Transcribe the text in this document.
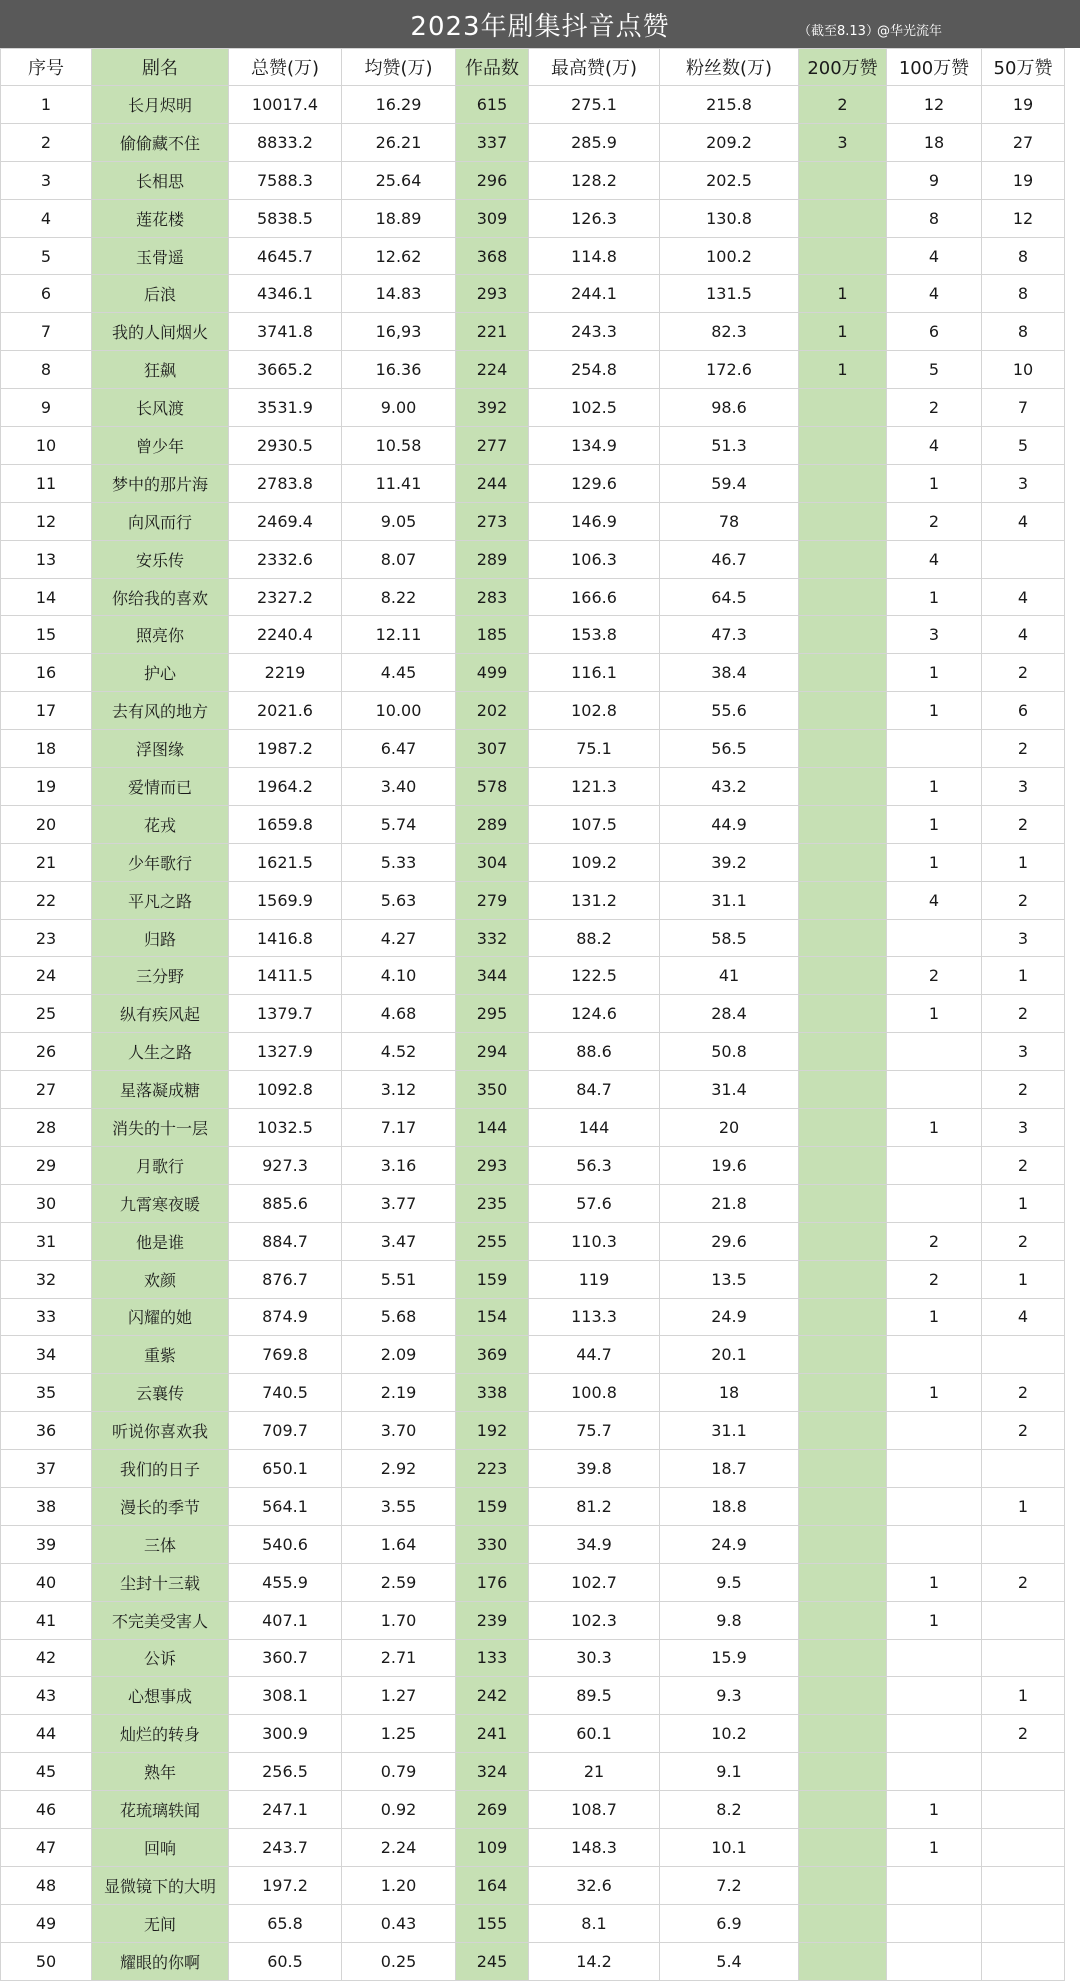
2023年剧集抖音点赞	（截至8.13）
@华光流年
序号	剧名	总赞(万)	均赞(万)	作品数	最高赞(万)	粉丝数(万)	200万赞	100万赞	50万赞
1	长月烬明	10017.4	16.29	615	275.1	215.8	2	12	19
2	偷偷藏不住	8833.2	26.21	337	285.9	209.2	3	18	27
3	长相思	7588.3	25.64	296	128.2	202.5		9	19
4	莲花楼	5838.5	18.89	309	126.3	130.8		8	12
5	玉骨遥	4645.7	12.62	368	114.8	100.2		4	8
6	后浪	4346.1	14.83	293	244.1	131.5	1	4	8
7	我的人间烟火	3741.8	16,93	221	243.3	82.3	1	6	8
8	狂飙	3665.2	16.36	224	254.8	172.6	1	5	10
9	长风渡	3531.9	9.00	392	102.5	98.6		2	7
10	曾少年	2930.5	10.58	277	134.9	51.3		4	5
11	梦中的那片海	2783.8	11.41	244	129.6	59.4		1	3
12	向风而行	2469.4	9.05	273	146.9	78		2	4
13	安乐传	2332.6	8.07	289	106.3	46.7		4	
14	你给我的喜欢	2327.2	8.22	283	166.6	64.5		1	4
15	照亮你	2240.4	12.11	185	153.8	47.3		3	4
16	护心	2219	4.45	499	116.1	38.4		1	2
17	去有风的地方	2021.6	10.00	202	102.8	55.6		1	6
18	浮图缘	1987.2	6.47	307	75.1	56.5			2
19	爱情而已	1964.2	3.40	578	121.3	43.2		1	3
20	花戎	1659.8	5.74	289	107.5	44.9		1	2
21	少年歌行	1621.5	5.33	304	109.2	39.2		1	1
22	平凡之路	1569.9	5.63	279	131.2	31.1		4	2
23	归路	1416.8	4.27	332	88.2	58.5			3
24	三分野	1411.5	4.10	344	122.5	41		2	1
25	纵有疾风起	1379.7	4.68	295	124.6	28.4		1	2
26	人生之路	1327.9	4.52	294	88.6	50.8			3
27	星落凝成糖	1092.8	3.12	350	84.7	31.4			2
28	消失的十一层	1032.5	7.17	144	144	20		1	3
29	月歌行	927.3	3.16	293	56.3	19.6			2
30	九霄寒夜暖	885.6	3.77	235	57.6	21.8			1
31	他是谁	884.7	3.47	255	110.3	29.6		2	2
32	欢颜	876.7	5.51	159	119	13.5		2	1
33	闪耀的她	874.9	5.68	154	113.3	24.9		1	4
34	重紫	769.8	2.09	369	44.7	20.1			
35	云襄传	740.5	2.19	338	100.8	18		1	2
36	听说你喜欢我	709.7	3.70	192	75.7	31.1			2
37	我们的日子	650.1	2.92	223	39.8	18.7			
38	漫长的季节	564.1	3.55	159	81.2	18.8			1
39	三体	540.6	1.64	330	34.9	24.9			
40	尘封十三载	455.9	2.59	176	102.7	9.5		1	2
41	不完美受害人	407.1	1.70	239	102.3	9.8		1	
42	公诉	360.7	2.71	133	30.3	15.9			
43	心想事成	308.1	1.27	242	89.5	9.3			1
44	灿烂的转身	300.9	1.25	241	60.1	10.2			2
45	熟年	256.5	0.79	324	21	9.1			
46	花琉璃轶闻	247.1	0.92	269	108.7	8.2		1	
47	回响	243.7	2.24	109	148.3	10.1		1	
48	显微镜下的大明	197.2	1.20	164	32.6	7.2			
49	无间	65.8	0.43	155	8.1	6.9			
50	耀眼的你啊	60.5	0.25	245	14.2	5.4			
